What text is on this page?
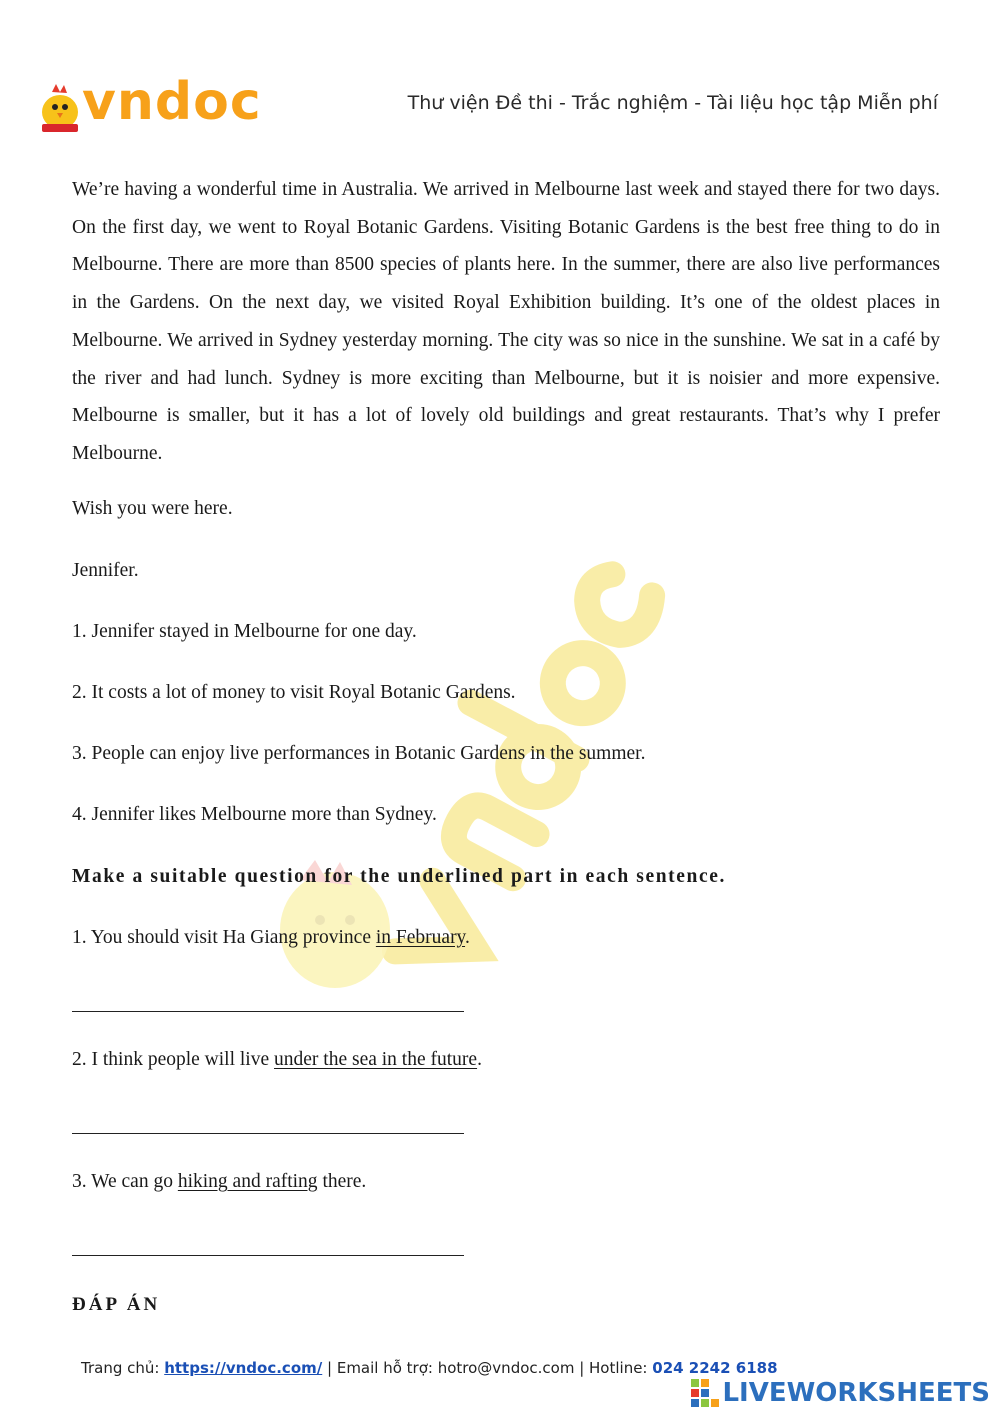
vndoc	Thư viện Đề thi - Trắc nghiệm - Tài liệu học tập Miễn phí

We’re having a wonderful time in Australia. We arrived in Melbourne last week and stayed there for two days. On the first day, we went to Royal Botanic Gardens. Visiting Botanic Gardens is the best free thing to do in Melbourne. There are more than 8500 species of plants here. In the summer, there are also live performances in the Gardens. On the next day, we visited Royal Exhibition building. It’s one of the oldest places in Melbourne. We arrived in Sydney yesterday morning. The city was so nice in the sunshine. We sat in a café by the river and had lunch. Sydney is more exciting than Melbourne, but it is noisier and more expensive. Melbourne is smaller, but it has a lot of lovely old buildings and great restaurants. That’s why I prefer Melbourne.

Wish you were here.

Jennifer.

1. Jennifer stayed in Melbourne for one day.

2. It costs a lot of money to visit Royal Botanic Gardens.

3. People can enjoy live performances in Botanic Gardens in the summer.

4. Jennifer likes Melbourne more than Sydney.

Make a suitable question for the underlined part in each sentence.

1. You should visit Ha Giang province in February.

2. I think people will live under the sea in the future.

3. We can go hiking and rafting there.

ĐÁP ÁN
Trang chủ: https://vndoc.com/ | Email hỗ trợ: hotro@vndoc.com | Hotline: 024 2242 6188
LIVEWORKSHEETS
